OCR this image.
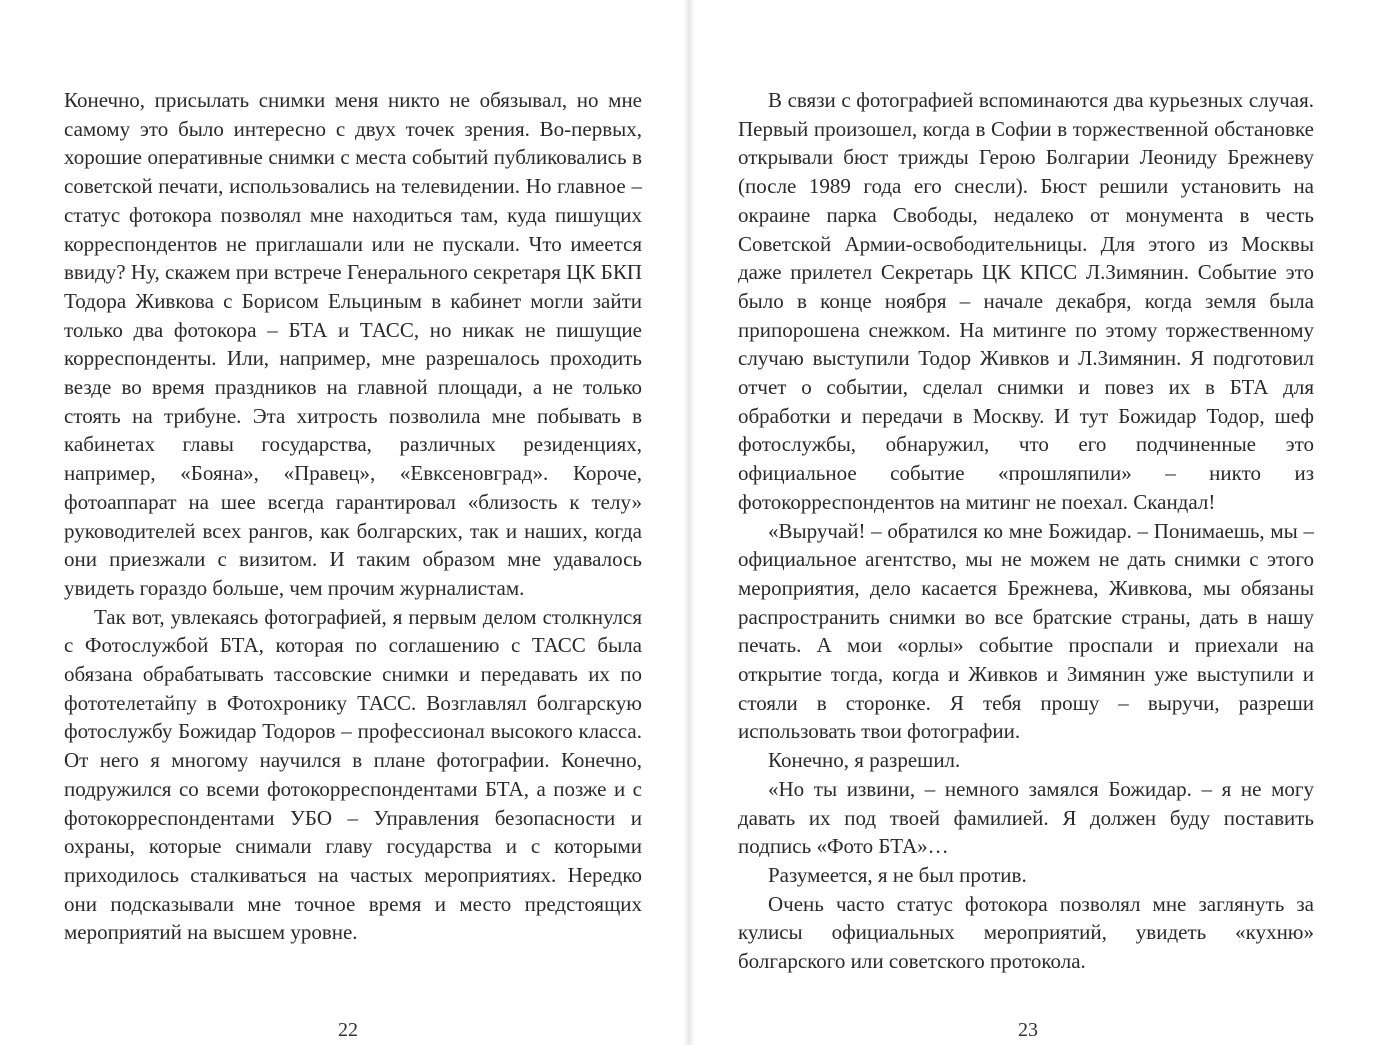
Конечно, присылать снимки меня никто не обязывал, но мне самому это было интересно с двух точек зрения. Во-первых, хорошие оперативные снимки с места событий публиковались в советской печати, использовались на телевидении. Но главное – статус фотокора позволял мне находиться там, куда пишущих корреспондентов не приглашали или не пускали. Что имеется ввиду? Ну, скажем при встрече Генерального секретаря ЦК БКП Тодора Живкова с Борисом Ельциным в кабинет могли зайти только два фотокора – БТА и ТАСС, но никак не пишущие корреспонденты. Или, например, мне разрешалось проходить везде во время праздников на главной площади, а не только стоять на трибуне. Эта хитрость позволила мне побывать в кабинетах главы государства, различных резиденциях, например, «Бояна», «Правец», «Евксеновград». Короче, фотоаппарат на шее всегда гарантировал «близость к телу» руководителей всех рангов, как болгарских, так и наших, когда они приезжали с визитом. И таким образом мне удавалось увидеть гораздо больше, чем прочим журналистам.

Так вот, увлекаясь фотографией, я первым делом столкнулся с Фотослужбой БТА, которая по соглашению с ТАСС была обязана обрабатывать тассовские снимки и передавать их по фототелетайпу в Фотохронику ТАСС. Возглавлял болгарскую фотослужбу Божидар Тодоров – профессионал высокого класса. От него я многому научился в плане фотографии. Конечно, подружился со всеми фотокорреспондентами БТА, а позже и с фотокорреспондентами УБО – Управления безопасности и охраны, которые снимали главу государства и с которыми приходилось сталкиваться на частых мероприятиях. Нередко они подсказывали мне точное время и место предстоящих мероприятий на высшем уровне.

В связи с фотографией вспоминаются два курьезных случая. Первый произошел, когда в Софии в торжественной обстановке открывали бюст трижды Герою Болгарии Леониду Брежневу (после 1989 года его снесли). Бюст решили установить на окраине парка Свободы, недалеко от монумента в честь Советской Армии-освободительницы. Для этого из Москвы даже прилетел Секретарь ЦК КПСС Л.Зимянин. Событие это было в конце ноября – начале декабря, когда земля была припорошена снежком. На митинге по этому торжественному случаю выступили Тодор Живков и Л.Зимянин. Я подготовил отчет о событии, сделал снимки и повез их в БТА для обработки и передачи в Москву. И тут Божидар Тодор, шеф фотослужбы, обнаружил, что его подчиненные это официальное событие «прошляпили» – никто из фотокорреспондентов на митинг не поехал. Скандал!

«Выручай! – обратился ко мне Божидар. – Понимаешь, мы – официальное агентство, мы не можем не дать снимки с этого мероприятия, дело касается Брежнева, Живкова, мы обязаны распространить снимки во все братские страны, дать в нашу печать. А мои «орлы» событие проспали и приехали на открытие тогда, когда и Живков и Зимянин уже выступили и стояли в сторонке. Я тебя прошу – выручи, разреши использовать твои фотографии.

Конечно, я разрешил.

«Но ты извини, – немного замялся Божидар. – я не могу давать их под твоей фамилией. Я должен буду поставить подпись «Фото БТА»…

Разумеется, я не был против.

Очень часто статус фотокора позволял мне заглянуть за кулисы официальных мероприятий, увидеть «кухню» болгарского или советского протокола.

22	23
